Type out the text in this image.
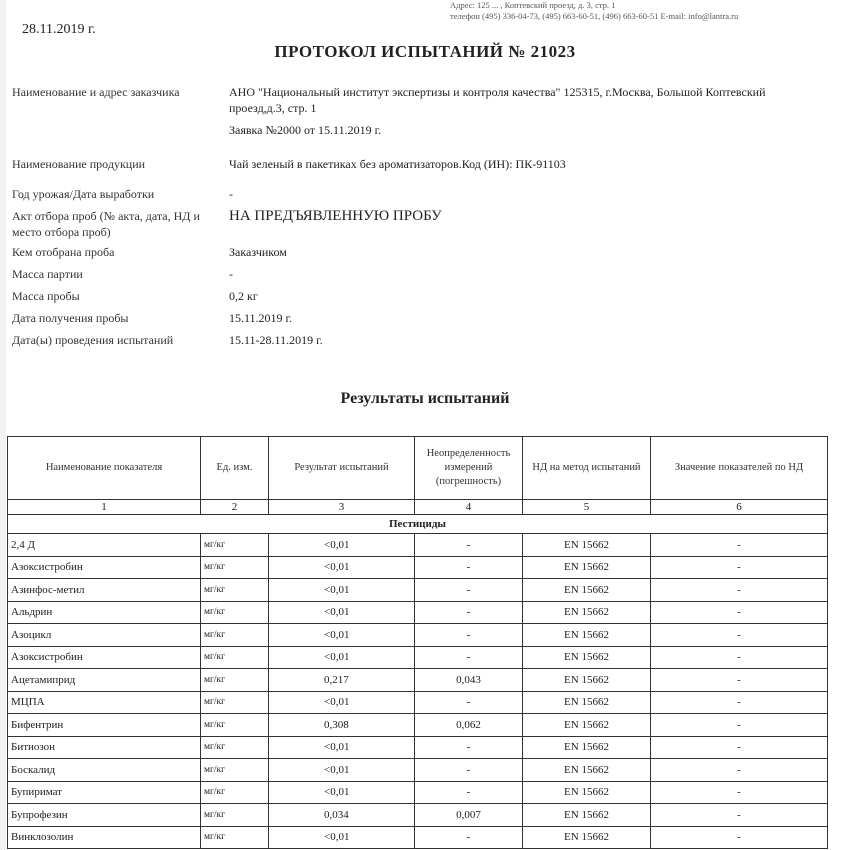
Адрес: 125 ... , Коптевский проезд, д. 3, стр. 1
телефон (495) 336-04-73, (495) 663-60-51, (496) 663-60-51 E-mail: info@lantra.ru
28.11.2019 г.
ПРОТОКОЛ ИСПЫТАНИЙ № 21023
Наименование и адрес заказчика	АНО "Национальный институт экспертизы и контроля качества" 125315, г.Москва, Большой Коптевский проезд,д.3, стр. 1
Заявка №2000 от 15.11.2019 г.
Наименование продукции	Чай зеленый в пакетиках без ароматизаторов.Код (ИН): ПК-91103
Год урожая/Дата выработки	-
Акт отбора проб (№ акта, дата, НД и место отбора проб)
НА ПРЕДЪЯВЛЕННУЮ ПРОБУ
Кем отобрана проба	Заказчиком
Масса партии	-
Масса пробы	0,2 кг
Дата получения пробы	15.11.2019 г.
Дата(ы) проведения испытаний	15.11-28.11.2019 г.
Результаты испытаний
Наименование показателя	Ед. изм.	Результат испытаний	Неопределенность измерений (погрешность)	НД на метод испытаний	Значение показателей по НД
1	2	3	4	5	6
Пестициды					
2,4 Д	мг/кг	<0,01	-	EN 15662	-
Азоксистробин	мг/кг	<0,01	-	EN 15662	-
Азинфос-метил	мг/кг	<0,01	-	EN 15662	-
Альдрин	мг/кг	<0,01	-	EN 15662	-
Азоцикл	мг/кг	<0,01	-	EN 15662	-
Азоксистробин	мг/кг	<0,01	-	EN 15662	-
Ацетамиприд	мг/кг	0,217	0,043	EN 15662	-
МЦПА	мг/кг	<0,01	-	EN 15662	-
Бифентрин	мг/кг	0,308	0,062	EN 15662	-
Битиозон	мг/кг	<0,01	-	EN 15662	-
Боскалид	мг/кг	<0,01	-	EN 15662	-
Бупиримат	мг/кг	<0,01	-	EN 15662	-
Бупрофезин	мг/кг	0,034	0,007	EN 15662	-
Винклозолин	мг/кг	<0,01	-	EN 15662	-
